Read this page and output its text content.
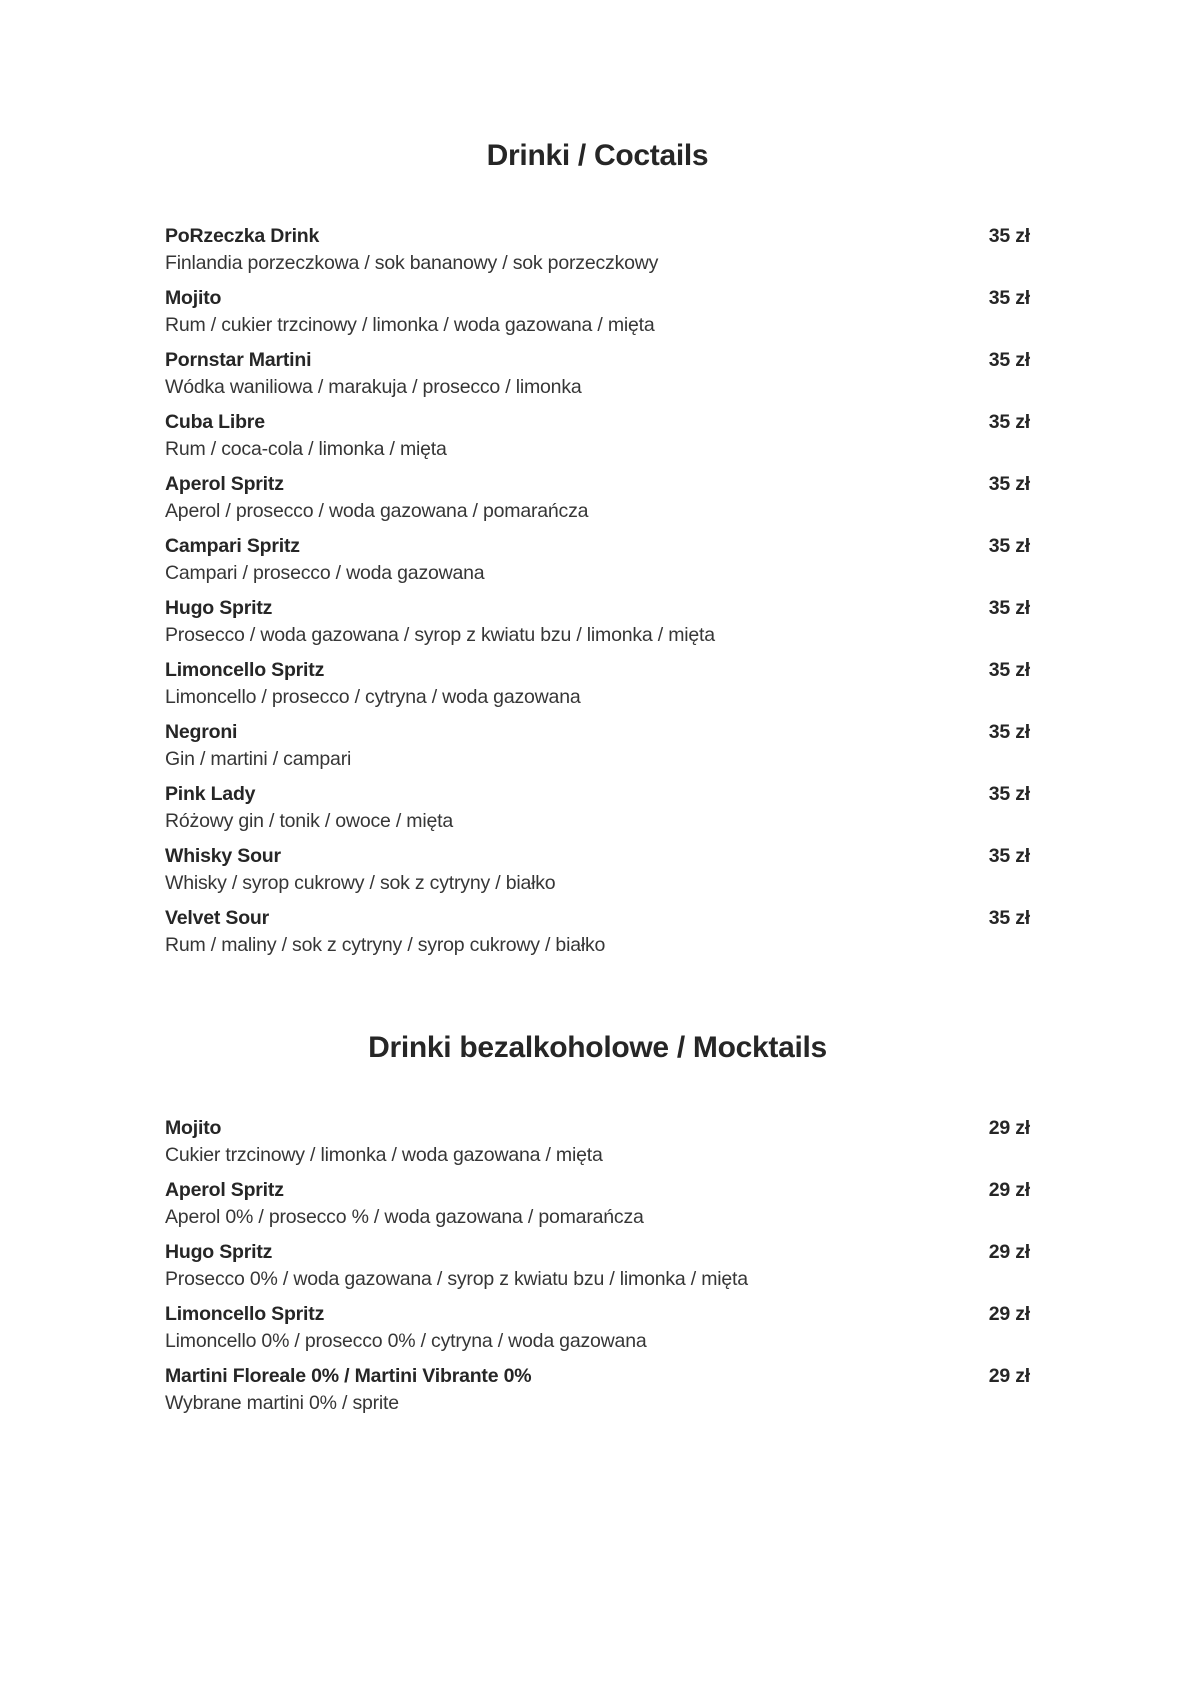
Drinki / Coctails
PoRzeczka Drink	35 zł
Finlandia porzeczkowa / sok bananowy / sok porzeczkowy
Mojito	35 zł
Rum / cukier trzcinowy / limonka / woda gazowana / mięta
Pornstar Martini	35 zł
Wódka waniliowa / marakuja / prosecco / limonka
Cuba Libre	35 zł
Rum / coca-cola / limonka / mięta
Aperol Spritz	35 zł
Aperol / prosecco / woda gazowana / pomarańcza
Campari Spritz	35 zł
Campari / prosecco / woda gazowana
Hugo Spritz	35 zł
Prosecco / woda gazowana / syrop z kwiatu bzu / limonka / mięta
Limoncello Spritz	35 zł
Limoncello / prosecco / cytryna / woda gazowana
Negroni	35 zł
Gin / martini / campari
Pink Lady	35 zł
Różowy gin / tonik / owoce / mięta
Whisky Sour	35 zł
Whisky / syrop cukrowy / sok z cytryny / białko
Velvet Sour	35 zł
Rum / maliny / sok z cytryny / syrop cukrowy / białko
Drinki bezalkoholowe / Mocktails
Mojito	29 zł
Cukier trzcinowy / limonka / woda gazowana / mięta
Aperol Spritz	29 zł
Aperol 0% / prosecco % / woda gazowana / pomarańcza
Hugo Spritz	29 zł
Prosecco 0% / woda gazowana / syrop z kwiatu bzu / limonka / mięta
Limoncello Spritz	29 zł
Limoncello 0% / prosecco 0% / cytryna / woda gazowana
Martini Floreale 0% / Martini Vibrante 0%	29 zł
Wybrane martini 0% / sprite
